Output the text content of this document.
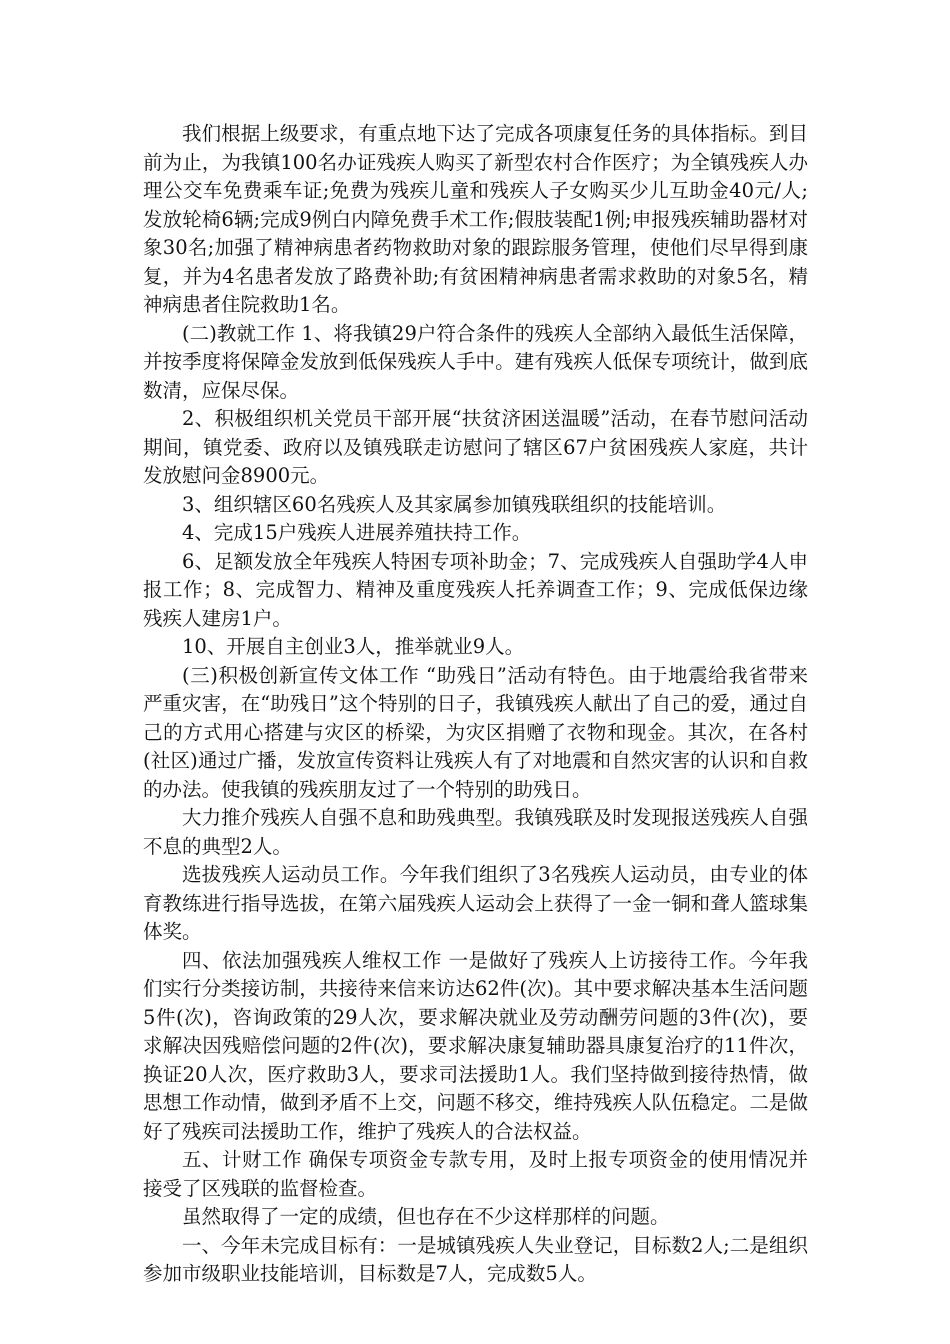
我们根据上级要求，有重点地下达了完成各项康复任务的具体指标。到目前为止，为我镇100名办证残疾人购买了新型农村合作医疗；为全镇残疾人办理公交车免费乘车证;免费为残疾儿童和残疾人子女购买少儿互助金40元/人;发放轮椅6辆;完成9例白内障免费手术工作;假肢装配1例;申报残疾辅助器材对象30名;加强了精神病患者药物救助对象的跟踪服务管理，使他们尽早得到康复，并为4名患者发放了路费补助;有贫困精神病患者需求救助的对象5名，精神病患者住院救助1名。

(二)教就工作 1、将我镇29户符合条件的残疾人全部纳入最低生活保障，并按季度将保障金发放到低保残疾人手中。建有残疾人低保专项统计，做到底数清，应保尽保。

2、积极组织机关党员干部开展“扶贫济困送温暖”活动，在春节慰问活动期间，镇党委、政府以及镇残联走访慰问了辖区67户贫困残疾人家庭，共计发放慰问金8900元。

3、组织辖区60名残疾人及其家属参加镇残联组织的技能培训。

4、完成15户残疾人进展养殖扶持工作。

6、足额发放全年残疾人特困专项补助金；7、完成残疾人自强助学4人申报工作；8、完成智力、精神及重度残疾人托养调查工作；9、完成低保边缘残疾人建房1户。

10、开展自主创业3人，推举就业9人。

(三)积极创新宣传文体工作 “助残日”活动有特色。由于地震给我省带来严重灾害，在“助残日”这个特别的日子，我镇残疾人献出了自己的爱，通过自己的方式用心搭建与灾区的桥梁，为灾区捐赠了衣物和现金。其次，在各村(社区)通过广播，发放宣传资料让残疾人有了对地震和自然灾害的认识和自救的办法。使我镇的残疾朋友过了一个特别的助残日。

大力推介残疾人自强不息和助残典型。我镇残联及时发现报送残疾人自强不息的典型2人。

选拔残疾人运动员工作。今年我们组织了3名残疾人运动员，由专业的体育教练进行指导选拔，在第六届残疾人运动会上获得了一金一铜和聋人篮球集体奖。

四、依法加强残疾人维权工作 一是做好了残疾人上访接待工作。今年我们实行分类接访制，共接待来信来访达62件(次)。其中要求解决基本生活问题5件(次)，咨询政策的29人次，要求解决就业及劳动酬劳问题的3件(次)，要求解决因残赔偿问题的2件(次)，要求解决康复辅助器具康复治疗的11件次，换证20人次，医疗救助3人，要求司法援助1人。我们坚持做到接待热情，做思想工作动情，做到矛盾不上交，问题不移交，维持残疾人队伍稳定。二是做好了残疾司法援助工作，维护了残疾人的合法权益。

五、计财工作 确保专项资金专款专用，及时上报专项资金的使用情况并接受了区残联的监督检查。

虽然取得了一定的成绩，但也存在不少这样那样的问题。

一、今年未完成目标有：一是城镇残疾人失业登记，目标数2人;二是组织参加市级职业技能培训，目标数是7人，完成数5人。
